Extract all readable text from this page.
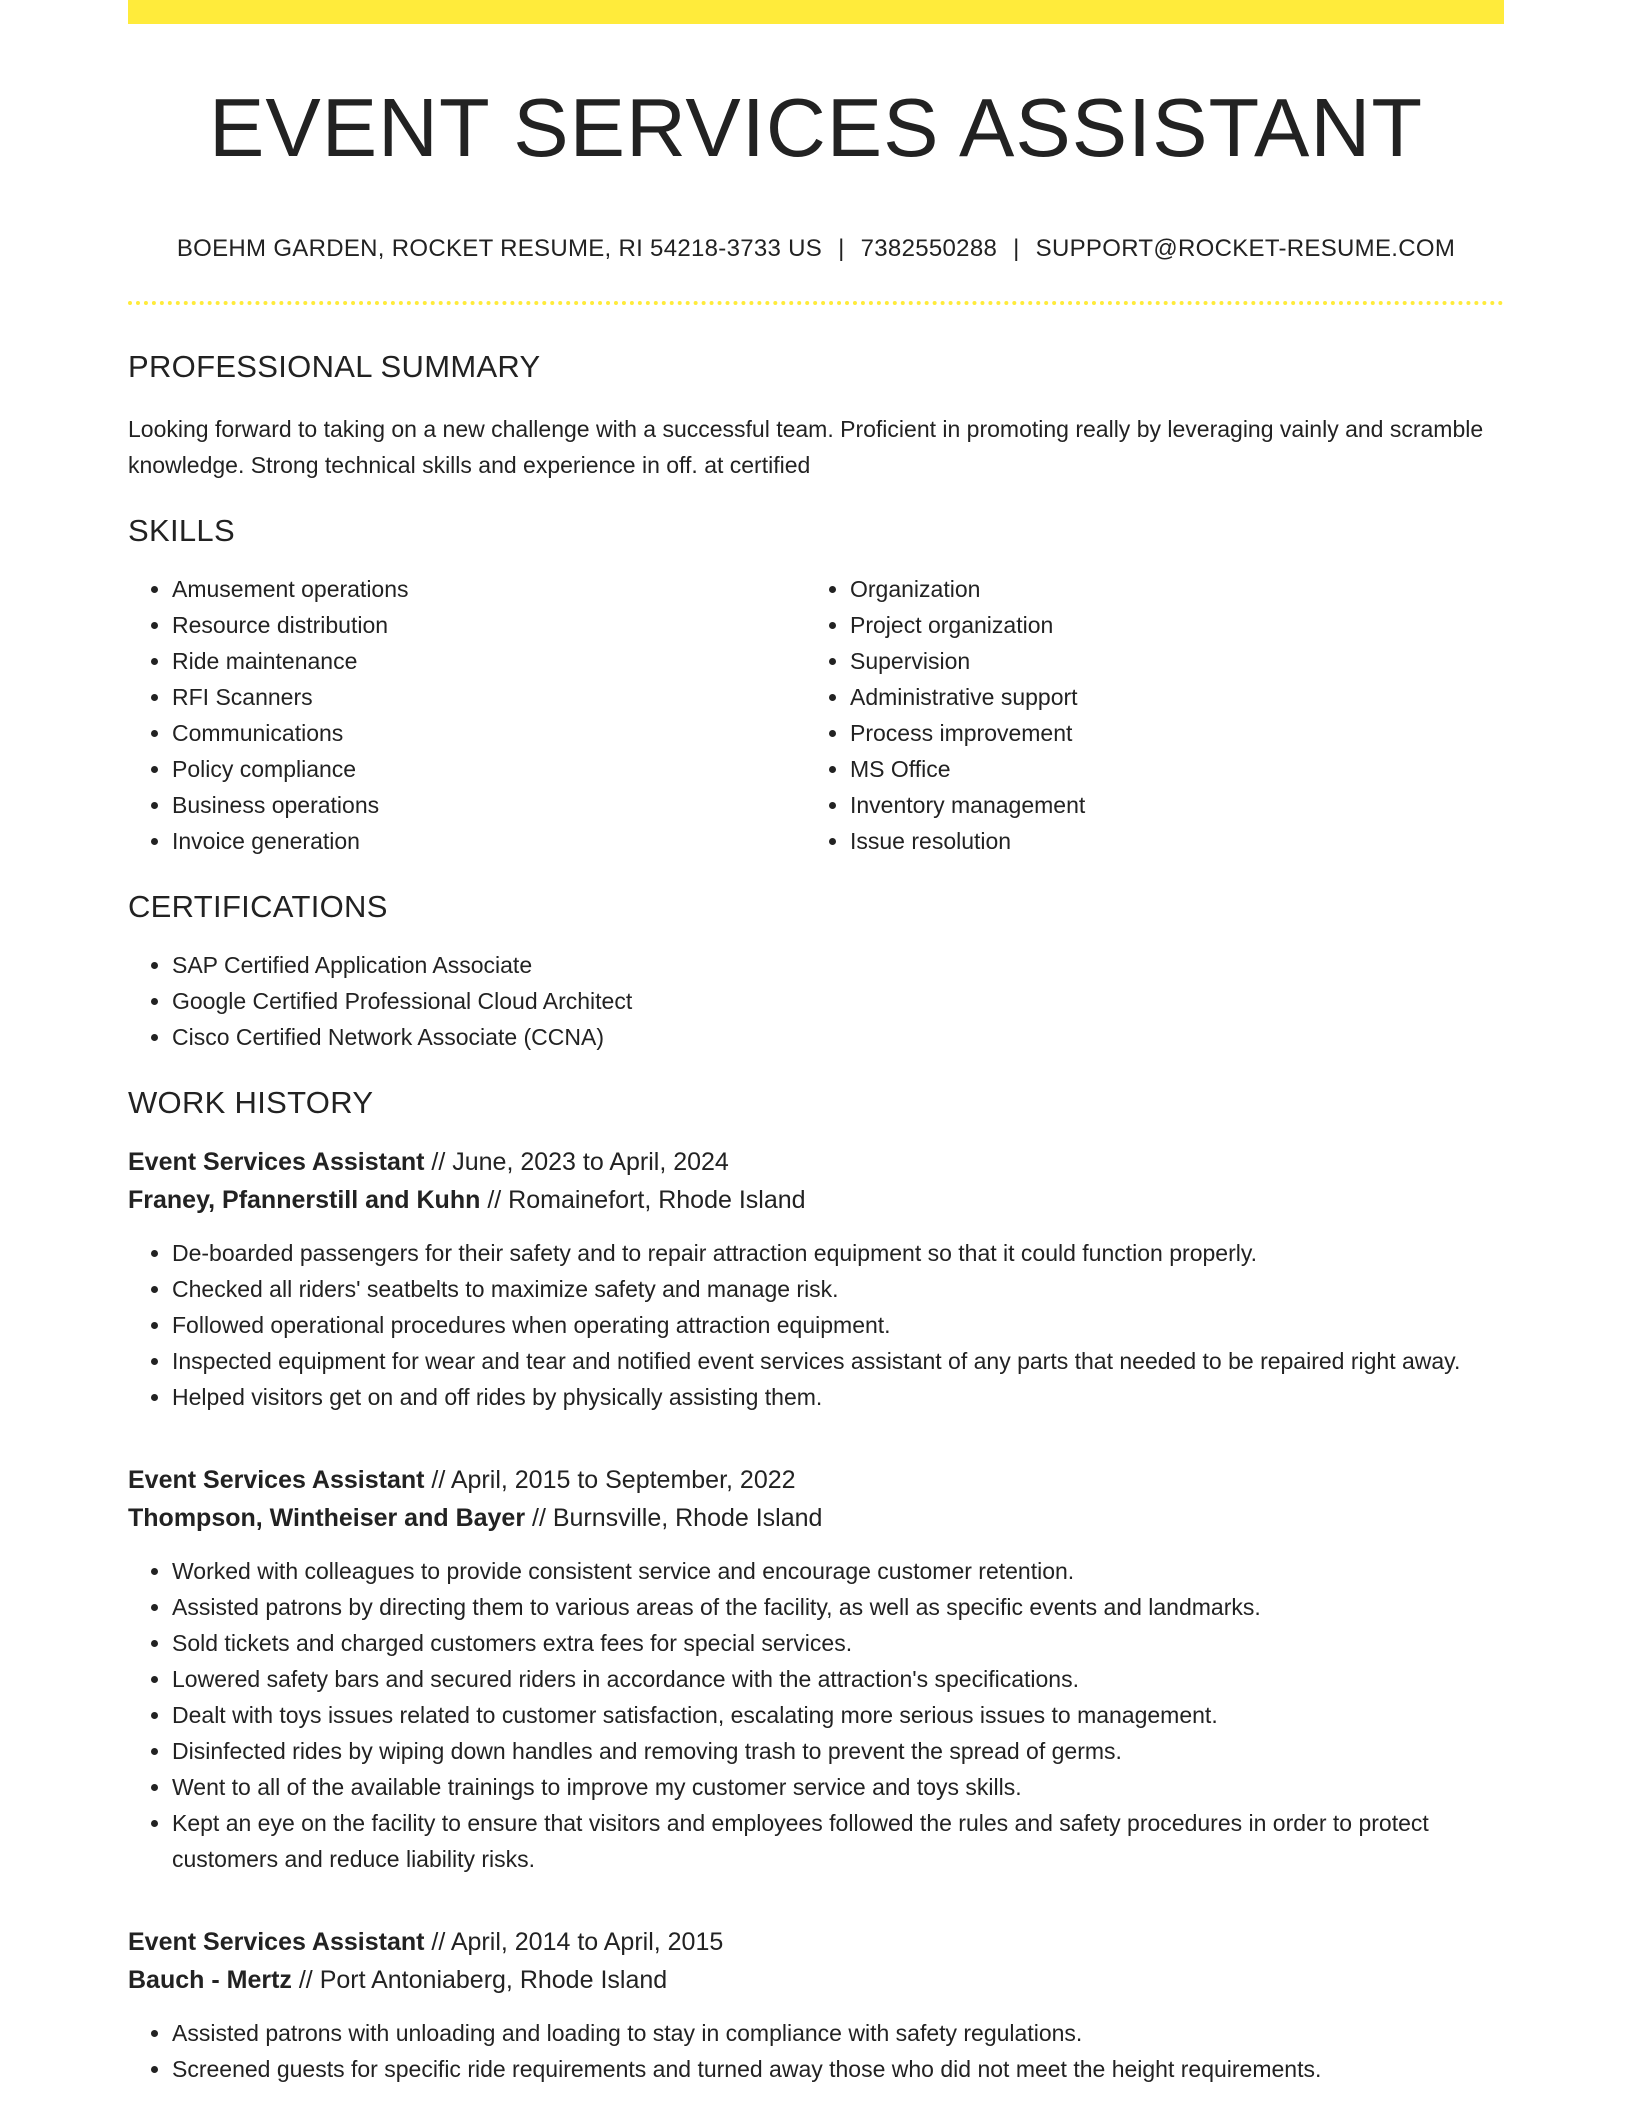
EVENT SERVICES ASSISTANT
BOEHM GARDEN, ROCKET RESUME, RI 54218-3733 US | 7382550288 | SUPPORT@ROCKET-RESUME.COM
PROFESSIONAL SUMMARY

Looking forward to taking on a new challenge with a successful team. Proficient in promoting really by leveraging vainly and scramble knowledge. Strong technical skills and experience in off. at certified

SKILLS
• Amusement operations
• Resource distribution
• Ride maintenance
• RFI Scanners
• Communications
• Policy compliance
• Business operations
• Invoice generation
• Organization
• Project organization
• Supervision
• Administrative support
• Process improvement
• MS Office
• Inventory management
• Issue resolution
CERTIFICATIONS
• SAP Certified Application Associate
• Google Certified Professional Cloud Architect
• Cisco Certified Network Associate (CCNA)
WORK HISTORY
Event Services Assistant // June, 2023 to April, 2024
Franey, Pfannerstill and Kuhn // Romainefort, Rhode Island
• De-boarded passengers for their safety and to repair attraction equipment so that it could function properly.
• Checked all riders' seatbelts to maximize safety and manage risk.
• Followed operational procedures when operating attraction equipment.
• Inspected equipment for wear and tear and notified event services assistant of any parts that needed to be repaired right away.
• Helped visitors get on and off rides by physically assisting them.
Event Services Assistant // April, 2015 to September, 2022
Thompson, Wintheiser and Bayer // Burnsville, Rhode Island
• Worked with colleagues to provide consistent service and encourage customer retention.
• Assisted patrons by directing them to various areas of the facility, as well as specific events and landmarks.
• Sold tickets and charged customers extra fees for special services.
• Lowered safety bars and secured riders in accordance with the attraction's specifications.
• Dealt with toys issues related to customer satisfaction, escalating more serious issues to management.
• Disinfected rides by wiping down handles and removing trash to prevent the spread of germs.
• Went to all of the available trainings to improve my customer service and toys skills.
• Kept an eye on the facility to ensure that visitors and employees followed the rules and safety procedures in order to protect customers and reduce liability risks.
Event Services Assistant // April, 2014 to April, 2015
Bauch - Mertz // Port Antoniaberg, Rhode Island
• Assisted patrons with unloading and loading to stay in compliance with safety regulations.
• Screened guests for specific ride requirements and turned away those who did not meet the height requirements.
